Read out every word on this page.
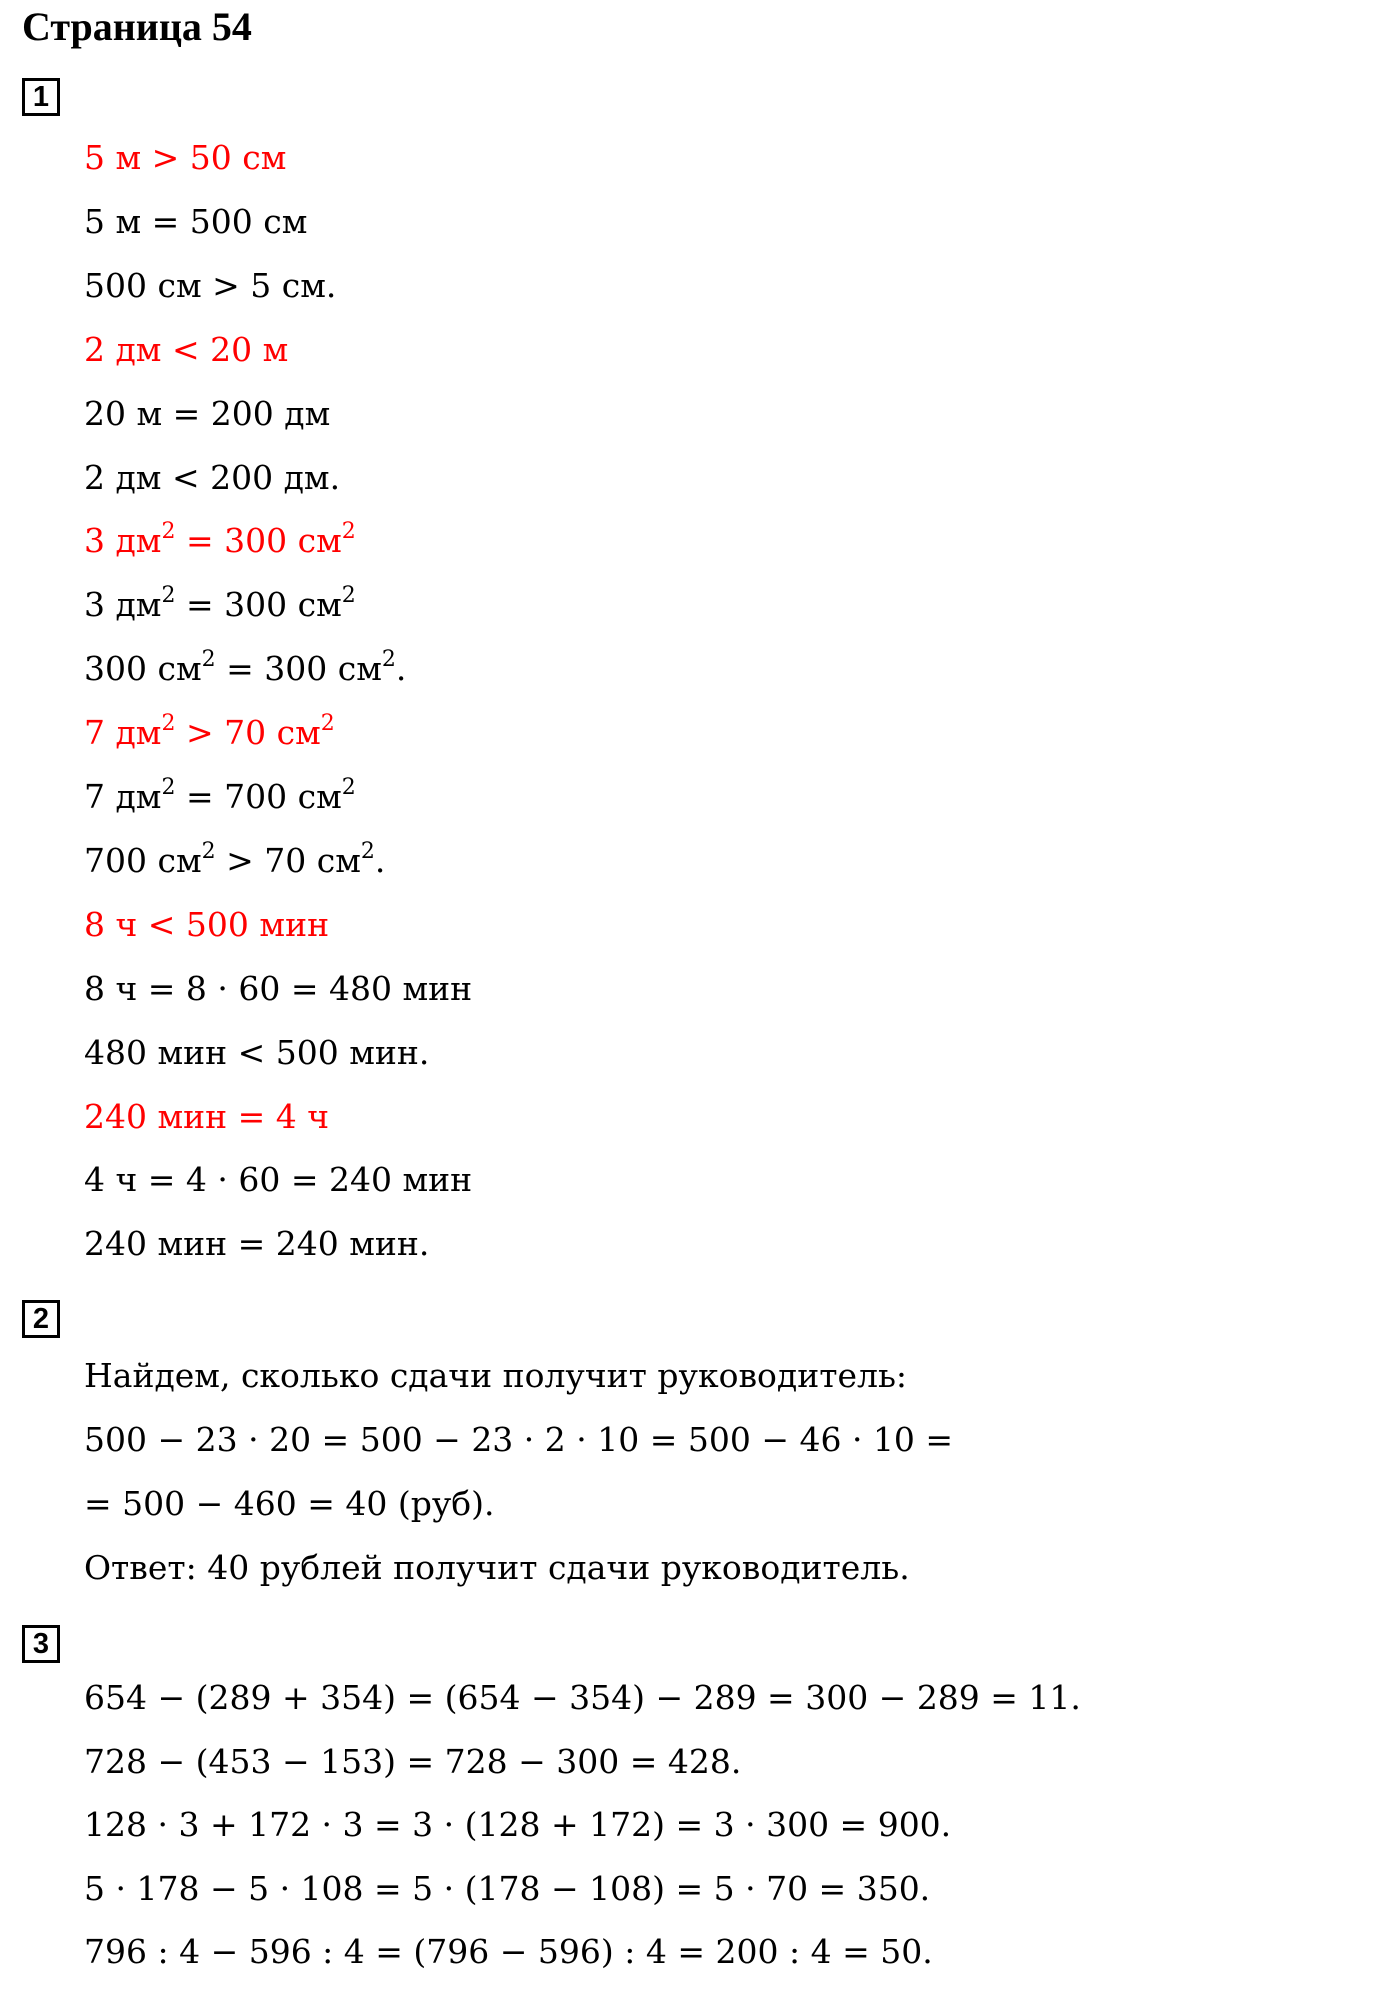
Страница 54
1
5 м > 50 см
5 м = 500 см
500 см > 5 см.
2 дм < 20 м
20 м = 200 дм
2 дм < 200 дм.
3 $дм^2 = 300$ $см^2$
3 $дм^2 = 300$ $см^2$
300 $см^2 = 300$ $см^2$.
7 $дм^2 > 70$ $см^2$
7 $дм^2 = 700$ $см^2$
700 $см^2 > 70$ $см^2$.
8 ч < 500 мин
8 ч = 8 · 60 = 480 мин
480 мин < 500 мин.
240 мин = 4 ч
4 ч = 4 · 60 = 240 мин
240 мин = 240 мин.
2
Найдем, сколько сдачи получит руководитель:
500 − 23 · 20 = 500 − 23 · 2 · 10 = 500 − 46 · 10 =
= 500 − 460 = 40 (руб).
Ответ: 40 рублей получит сдачи руководитель.
3
654 − (289 + 354) = (654 − 354) − 289 = 300 − 289 = 11.
728 − (453 − 153) = 728 − 300 = 428.
128 · 3 + 172 · 3 = 3 · (128 + 172) = 3 · 300 = 900.
5 · 178 − 5 · 108 = 5 · (178 − 108) = 5 · 70 = 350.
796 : 4 − 596 : 4 = (796 − 596) : 4 = 200 : 4 = 50.
